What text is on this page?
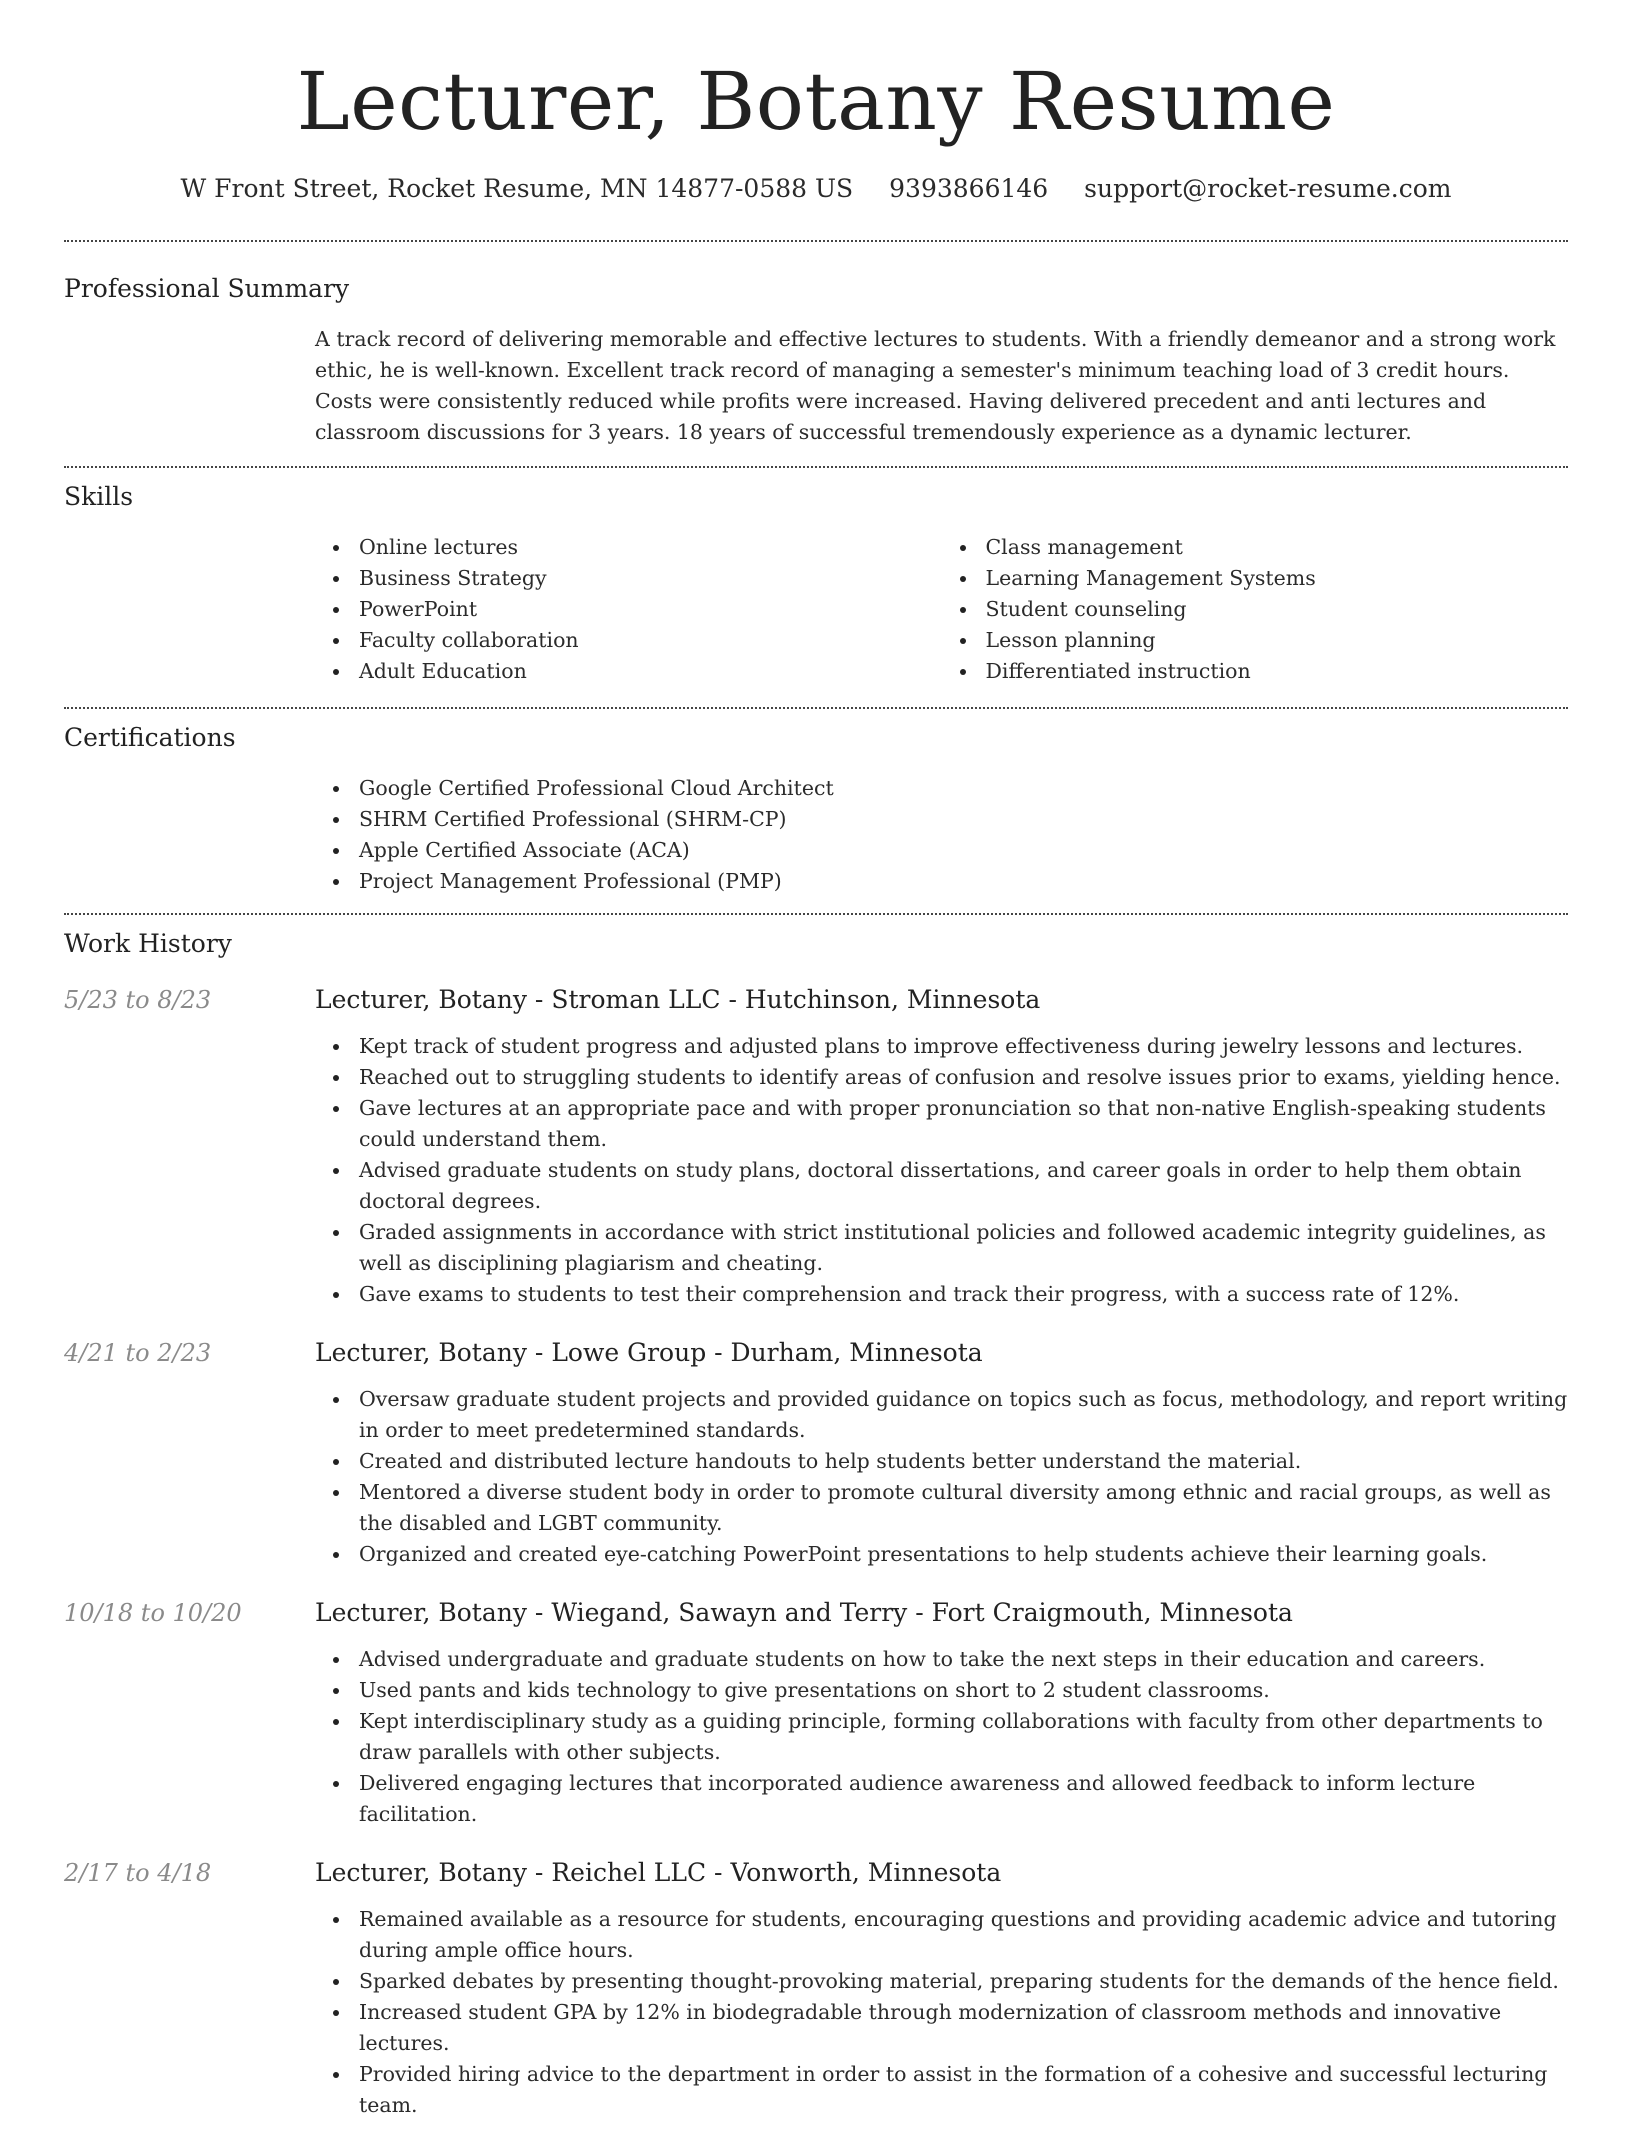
Lecturer, Botany Resume
W Front Street, Rocket Resume, MN 14877-0588 US 9393866146 support@rocket-resume.com
Professional Summary

A track record of delivering memorable and effective lectures to students. With a friendly demeanor and a strong work ethic, he is well-known. Excellent track record of managing a semester's minimum teaching load of 3 credit hours. Costs were consistently reduced while profits were increased. Having delivered precedent and anti lectures and classroom discussions for 3 years. 18 years of successful tremendously experience as a dynamic lecturer.

Skills
Online lectures
Business Strategy
PowerPoint
Faculty collaboration
Adult Education
Class management
Learning Management Systems
Student counseling
Lesson planning
Differentiated instruction
Certifications
Google Certified Professional Cloud Architect
SHRM Certified Professional (SHRM-CP)
Apple Certified Associate (ACA)
Project Management Professional (PMP)
Work History
5/23 to 8/23	Lecturer, Botany - Stroman LLC - Hutchinson, Minnesota
Kept track of student progress and adjusted plans to improve effectiveness during jewelry lessons and lectures.
Reached out to struggling students to identify areas of confusion and resolve issues prior to exams, yielding hence.
Gave lectures at an appropriate pace and with proper pronunciation so that non-native English-speaking students could understand them.
Advised graduate students on study plans, doctoral dissertations, and career goals in order to help them obtain doctoral degrees.
Graded assignments in accordance with strict institutional policies and followed academic integrity guidelines, as well as disciplining plagiarism and cheating.
Gave exams to students to test their comprehension and track their progress, with a success rate of 12%.
4/21 to 2/23	Lecturer, Botany - Lowe Group - Durham, Minnesota
Oversaw graduate student projects and provided guidance on topics such as focus, methodology, and report writing in order to meet predetermined standards.
Created and distributed lecture handouts to help students better understand the material.
Mentored a diverse student body in order to promote cultural diversity among ethnic and racial groups, as well as the disabled and LGBT community.
Organized and created eye-catching PowerPoint presentations to help students achieve their learning goals.
10/18 to 10/20	Lecturer, Botany - Wiegand, Sawayn and Terry - Fort Craigmouth, Minnesota
Advised undergraduate and graduate students on how to take the next steps in their education and careers.
Used pants and kids technology to give presentations on short to 2 student classrooms.
Kept interdisciplinary study as a guiding principle, forming collaborations with faculty from other departments to draw parallels with other subjects.
Delivered engaging lectures that incorporated audience awareness and allowed feedback to inform lecture facilitation.
2/17 to 4/18	Lecturer, Botany - Reichel LLC - Vonworth, Minnesota
Remained available as a resource for students, encouraging questions and providing academic advice and tutoring during ample office hours.
Sparked debates by presenting thought-provoking material, preparing students for the demands of the hence field.
Increased student GPA by 12% in biodegradable through modernization of classroom methods and innovative lectures.
Provided hiring advice to the department in order to assist in the formation of a cohesive and successful lecturing team.
